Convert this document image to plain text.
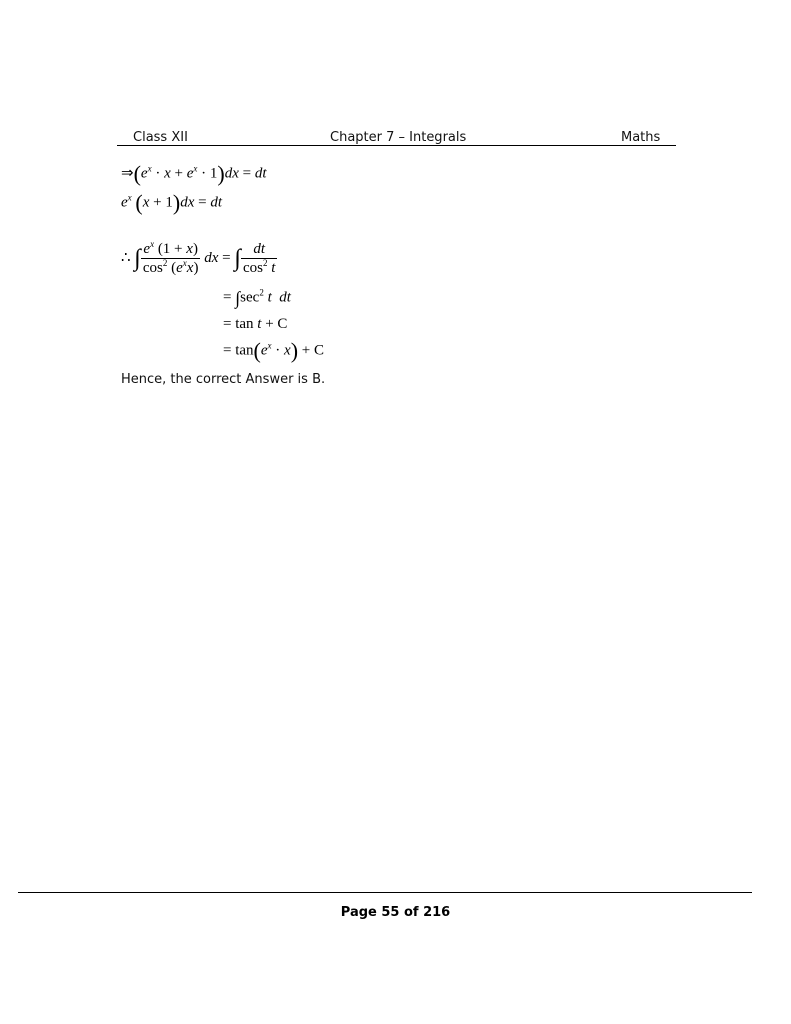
Class XII	Chapter 7 – Integrals	Maths
$\Rightarrow(e^x \cdot x + e^x \cdot 1)dx$ = dt
$e^x$ (x + 1)dx = dt
∴ ∫ $\frac{e^x (1 + x)}{\cos^2 (e^xx)}$ dx = ∫ $\frac{dt}{\cos^2 t}$
= $\int\sec^2$ t dt
= tan t + C
= $\tan(e^x \cdot x) + C$
Hence, the correct Answer is B.
Page 55 of 216
